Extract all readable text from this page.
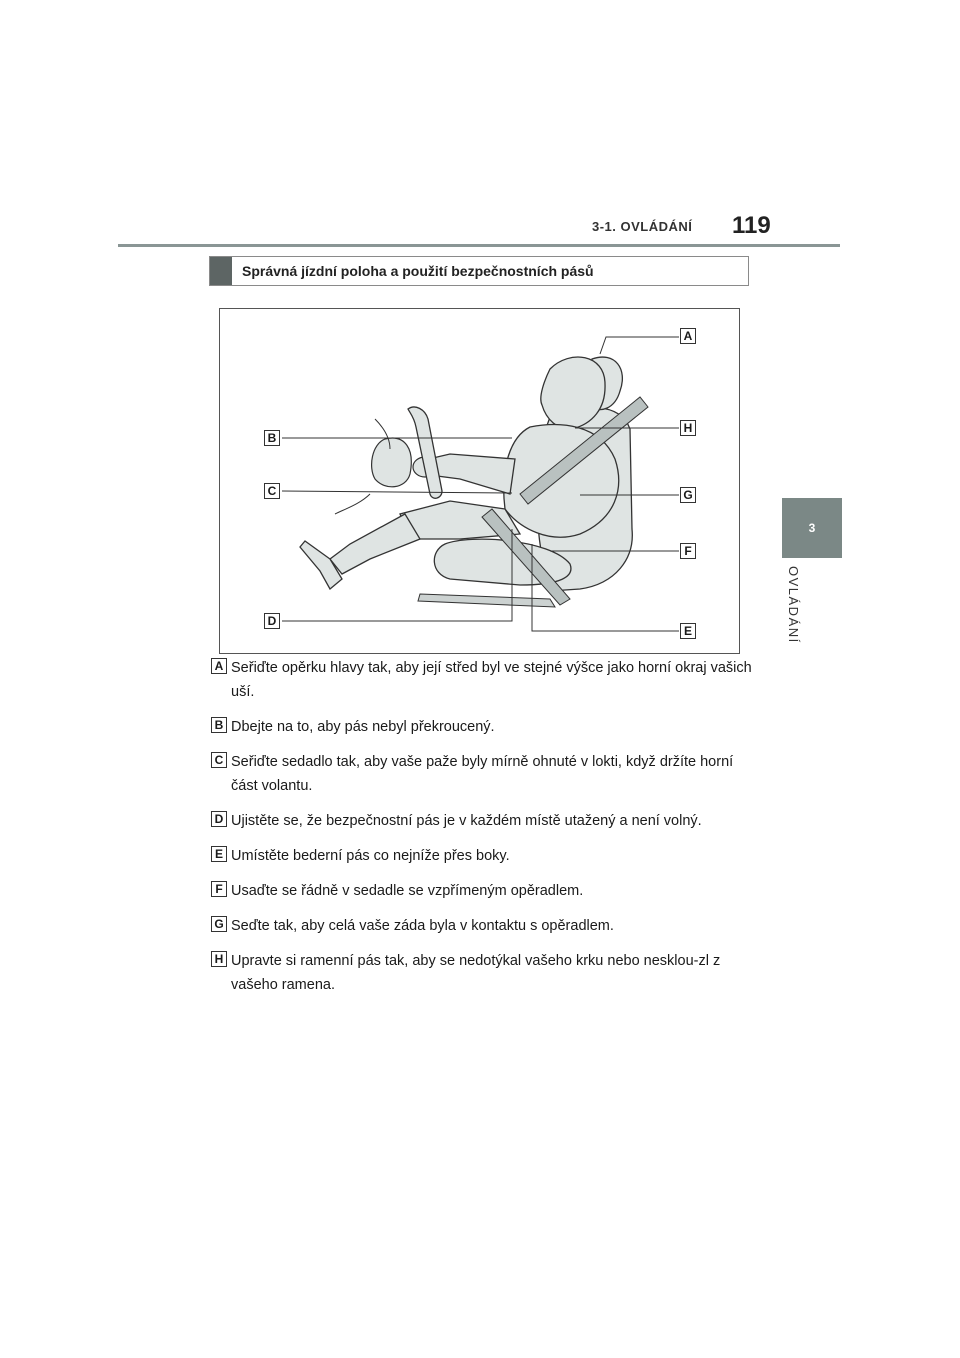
3-1. OVLÁDÁNÍ 119
3
OVLÁDÁNÍ
Správná jízdní poloha a použití bezpečnostních pásů
A
B
C
D
E
F
G
H
A Seřiďte opěrku hlavy tak, aby její střed byl ve stejné výšce jako horní okraj vašich uší.
B Dbejte na to, aby pás nebyl překroucený.
C Seřiďte sedadlo tak, aby vaše paže byly mírně ohnuté v lokti, když držíte horní část volantu.
D Ujistěte se, že bezpečnostní pás je v každém místě utažený a není volný.
E Umístěte bederní pás co nejníže přes boky.
F Usaďte se řádně v sedadle se vzpřímeným opěradlem.
G Seďte tak, aby celá vaše záda byla v kontaktu s opěradlem.
H Upravte si ramenní pás tak, aby se nedotýkal vašeho krku nebo nesklou-zl z vašeho ramena.
